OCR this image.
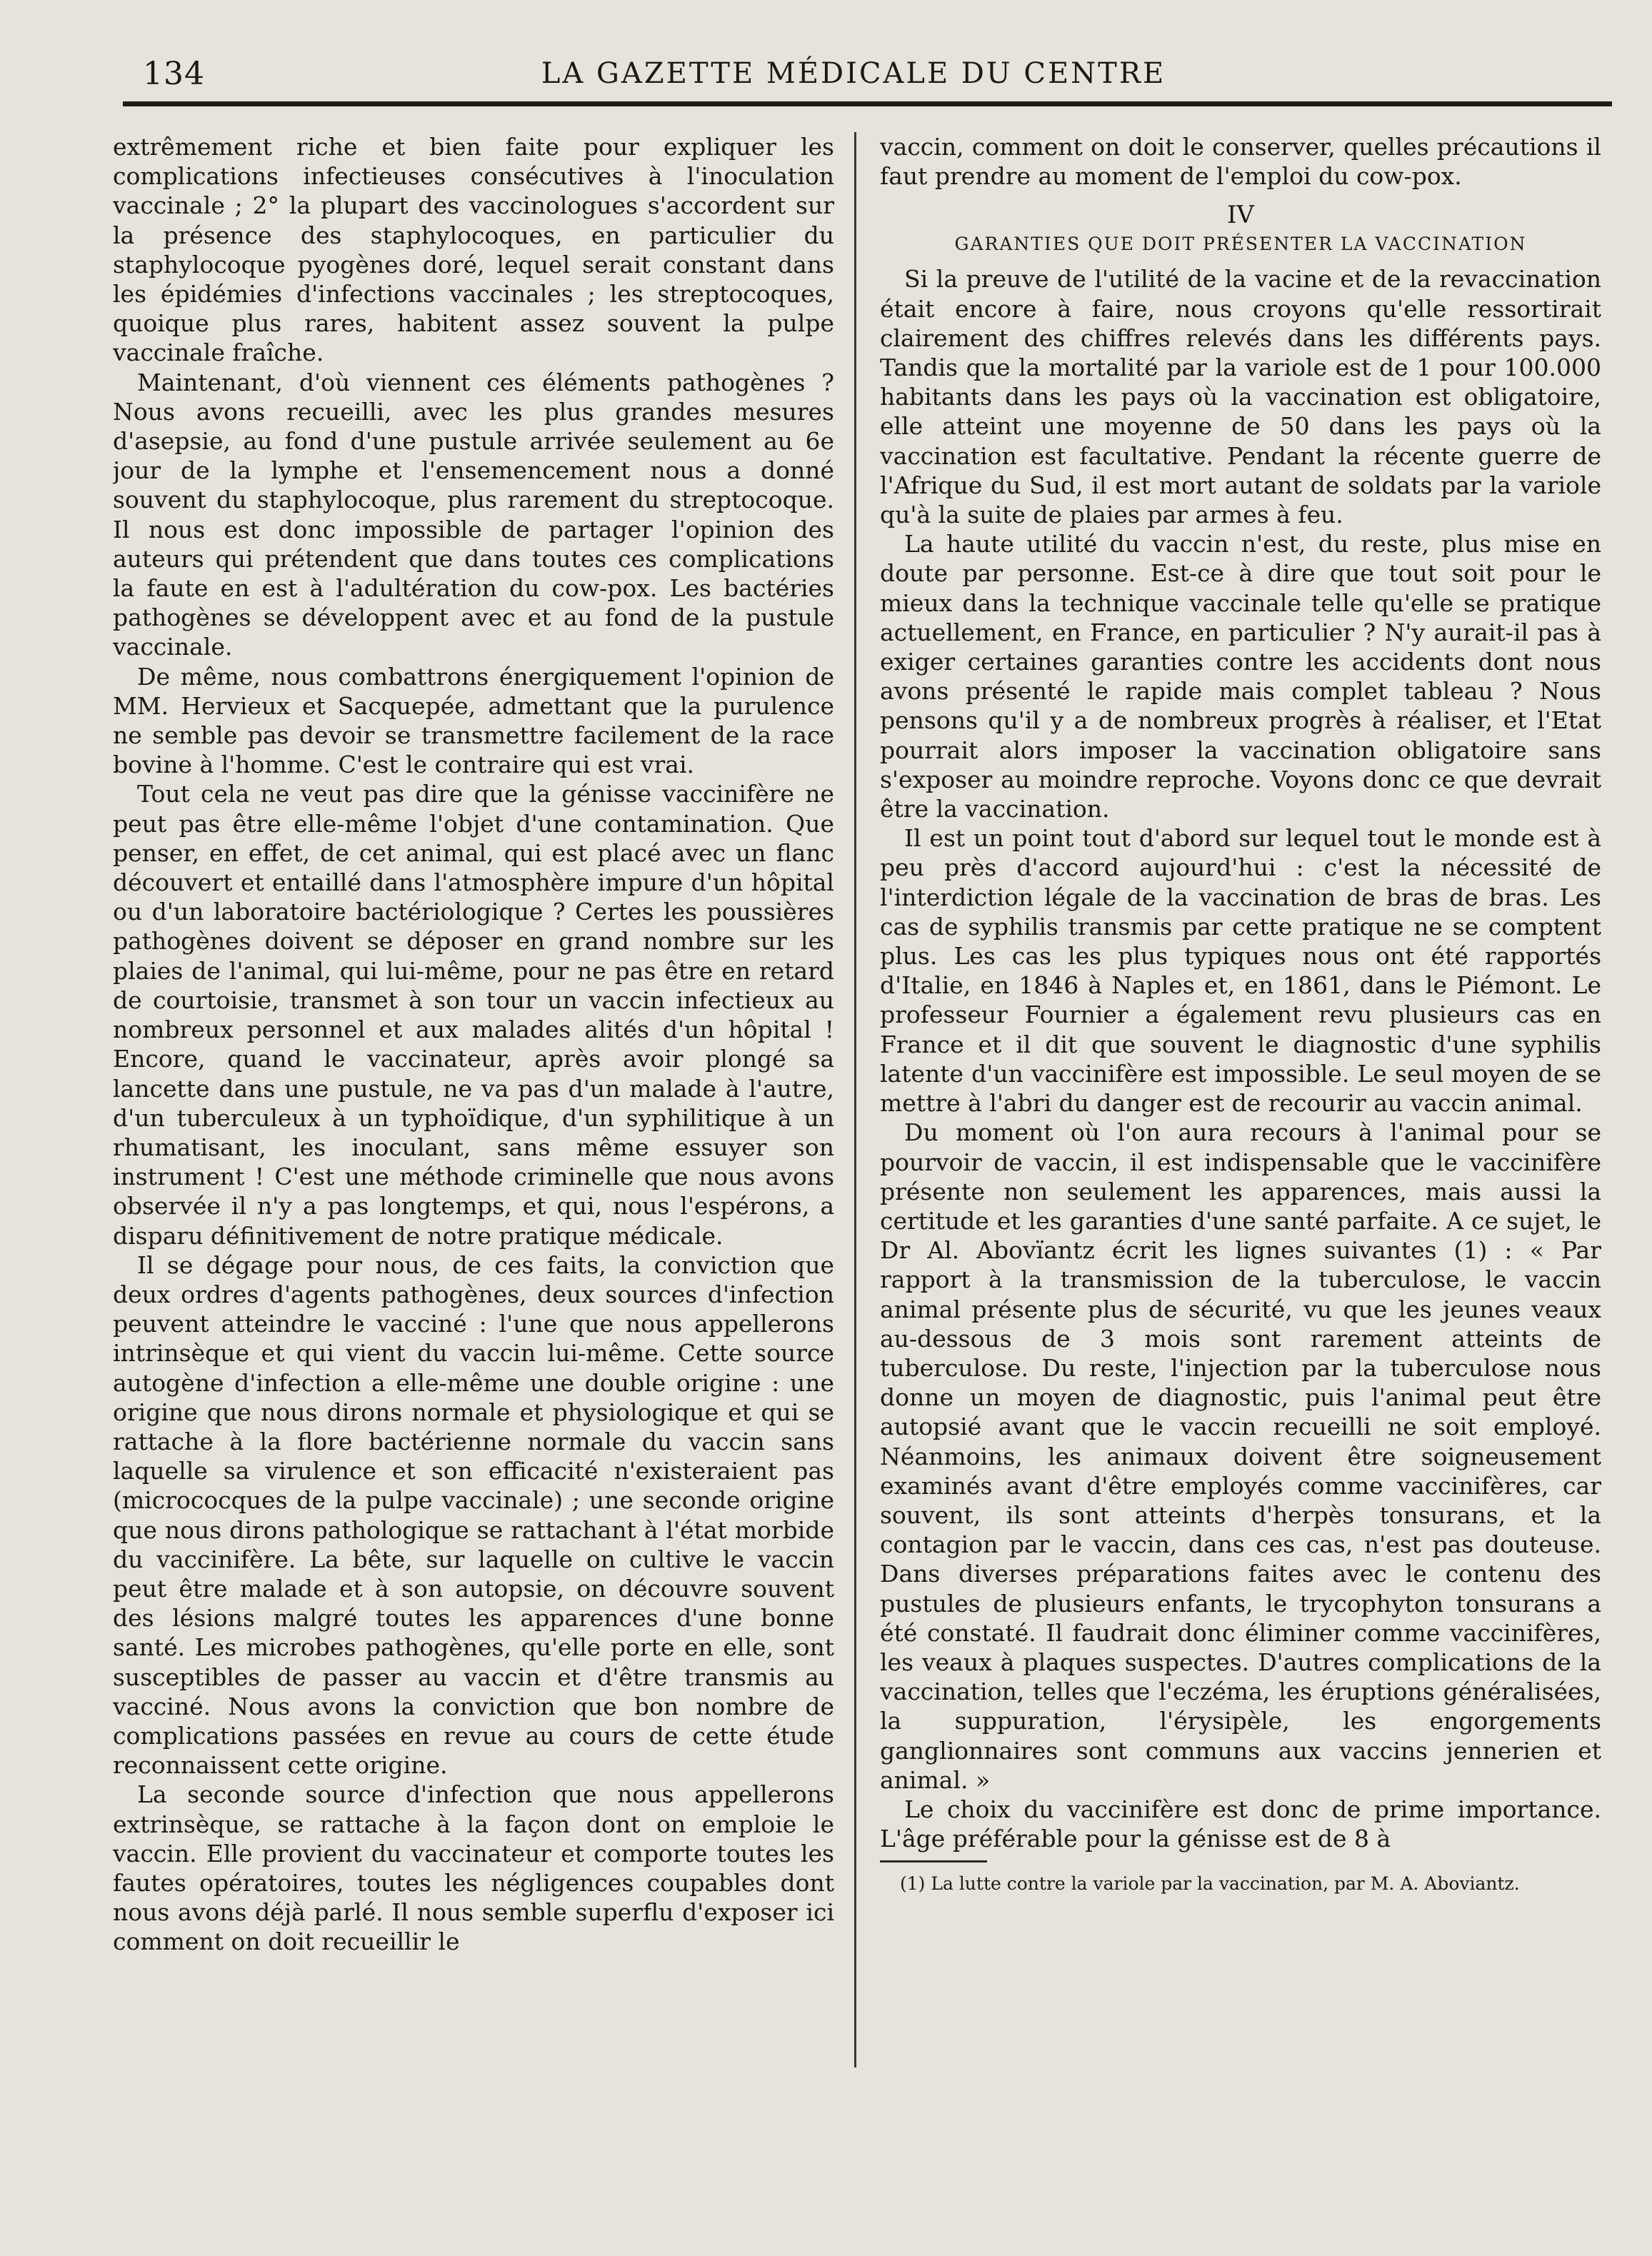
134	LA GAZETTE MÉDICALE DU CENTRE

extrêmement riche et bien faite pour expliquer les complications infectieuses consécutives à l'inoculation vaccinale ; 2° la plupart des vaccinologues s'accordent sur la présence des staphylocoques, en particulier du staphylocoque pyogènes doré, lequel serait constant dans les épidémies d'infections vaccinales ; les streptocoques, quoique plus rares, habitent assez souvent la pulpe vaccinale fraîche.

Maintenant, d'où viennent ces éléments pathogènes ? Nous avons recueilli, avec les plus grandes mesures d'asepsie, au fond d'une pustule arrivée seulement au 6e jour de la lymphe et l'ensemencement nous a donné souvent du staphylocoque, plus rarement du streptocoque. Il nous est donc impossible de partager l'opinion des auteurs qui prétendent que dans toutes ces complications la faute en est à l'adultération du cow-pox. Les bactéries pathogènes se développent avec et au fond de la pustule vaccinale.

De même, nous combattrons énergiquement l'opinion de MM. Hervieux et Sacquepée, admettant que la purulence ne semble pas devoir se transmettre facilement de la race bovine à l'homme. C'est le contraire qui est vrai.

Tout cela ne veut pas dire que la génisse vaccinifère ne peut pas être elle-même l'objet d'une contamination. Que penser, en effet, de cet animal, qui est placé avec un flanc découvert et entaillé dans l'atmosphère impure d'un hôpital ou d'un laboratoire bactériologique ? Certes les poussières pathogènes doivent se déposer en grand nombre sur les plaies de l'animal, qui lui-même, pour ne pas être en retard de courtoisie, transmet à son tour un vaccin infectieux au nombreux personnel et aux malades alités d'un hôpital ! Encore, quand le vaccinateur, après avoir plongé sa lancette dans une pustule, ne va pas d'un malade à l'autre, d'un tuberculeux à un typhoïdique, d'un syphilitique à un rhumatisant, les inoculant, sans même essuyer son instrument ! C'est une méthode criminelle que nous avons observée il n'y a pas longtemps, et qui, nous l'espérons, a disparu définitivement de notre pratique médicale.

Il se dégage pour nous, de ces faits, la conviction que deux ordres d'agents pathogènes, deux sources d'infection peuvent atteindre le vacciné : l'une que nous appellerons intrinsèque et qui vient du vaccin lui-même. Cette source autogène d'infection a elle-même une double origine : une origine que nous dirons normale et physiologique et qui se rattache à la flore bactérienne normale du vaccin sans laquelle sa virulence et son efficacité n'existeraient pas (micrococques de la pulpe vaccinale) ; une seconde origine que nous dirons pathologique se rattachant à l'état morbide du vaccinifère. La bête, sur laquelle on cultive le vaccin peut être malade et à son autopsie, on découvre souvent des lésions malgré toutes les apparences d'une bonne santé. Les microbes pathogènes, qu'elle porte en elle, sont susceptibles de passer au vaccin et d'être transmis au vacciné. Nous avons la conviction que bon nombre de complications passées en revue au cours de cette étude reconnaissent cette origine.

La seconde source d'infection que nous appellerons extrinsèque, se rattache à la façon dont on emploie le vaccin. Elle provient du vaccinateur et comporte toutes les fautes opératoires, toutes les négligences coupables dont nous avons déjà parlé. Il nous semble superflu d'exposer ici comment on doit recueillir le

vaccin, comment on doit le conserver, quelles précautions il faut prendre au moment de l'emploi du cow-pox.

IV
GARANTIES QUE DOIT PRÉSENTER LA VACCINATION

Si la preuve de l'utilité de la vacine et de la revaccination était encore à faire, nous croyons qu'elle ressortirait clairement des chiffres relevés dans les différents pays. Tandis que la mortalité par la variole est de 1 pour 100.000 habitants dans les pays où la vaccination est obligatoire, elle atteint une moyenne de 50 dans les pays où la vaccination est facultative. Pendant la récente guerre de l'Afrique du Sud, il est mort autant de soldats par la variole qu'à la suite de plaies par armes à feu.

La haute utilité du vaccin n'est, du reste, plus mise en doute par personne. Est-ce à dire que tout soit pour le mieux dans la technique vaccinale telle qu'elle se pratique actuellement, en France, en particulier ? N'y aurait-il pas à exiger certaines garanties contre les accidents dont nous avons présenté le rapide mais complet tableau ? Nous pensons qu'il y a de nombreux progrès à réaliser, et l'Etat pourrait alors imposer la vaccination obligatoire sans s'exposer au moindre reproche. Voyons donc ce que devrait être la vaccination.

Il est un point tout d'abord sur lequel tout le monde est à peu près d'accord aujourd'hui : c'est la nécessité de l'interdiction légale de la vaccination de bras de bras. Les cas de syphilis transmis par cette pratique ne se comptent plus. Les cas les plus typiques nous ont été rapportés d'Italie, en 1846 à Naples et, en 1861, dans le Piémont. Le professeur Fournier a également revu plusieurs cas en France et il dit que souvent le diagnostic d'une syphilis latente d'un vaccinifère est impossible. Le seul moyen de se mettre à l'abri du danger est de recourir au vaccin animal.

Du moment où l'on aura recours à l'animal pour se pourvoir de vaccin, il est indispensable que le vaccinifère présente non seulement les apparences, mais aussi la certitude et les garanties d'une santé parfaite. A ce sujet, le Dr Al. Abovïantz écrit les lignes suivantes (1) : « Par rapport à la transmission de la tuberculose, le vaccin animal présente plus de sécurité, vu que les jeunes veaux au-dessous de 3 mois sont rarement atteints de tuberculose. Du reste, l'injection par la tuberculose nous donne un moyen de diagnostic, puis l'animal peut être autopsié avant que le vaccin recueilli ne soit employé. Néanmoins, les animaux doivent être soigneusement examinés avant d'être employés comme vaccinifères, car souvent, ils sont atteints d'herpès tonsurans, et la contagion par le vaccin, dans ces cas, n'est pas douteuse. Dans diverses préparations faites avec le contenu des pustules de plusieurs enfants, le trycophyton tonsurans a été constaté. Il faudrait donc éliminer comme vaccinifères, les veaux à plaques suspectes. D'autres complications de la vaccination, telles que l'eczéma, les éruptions généralisées, la suppuration, l'érysipèle, les engorgements ganglionnaires sont communs aux vaccins jennerien et animal. »

Le choix du vaccinifère est donc de prime importance. L'âge préférable pour la génisse est de 8 à

(1) La lutte contre la variole par la vaccination, par M. A. Aboviantz.
